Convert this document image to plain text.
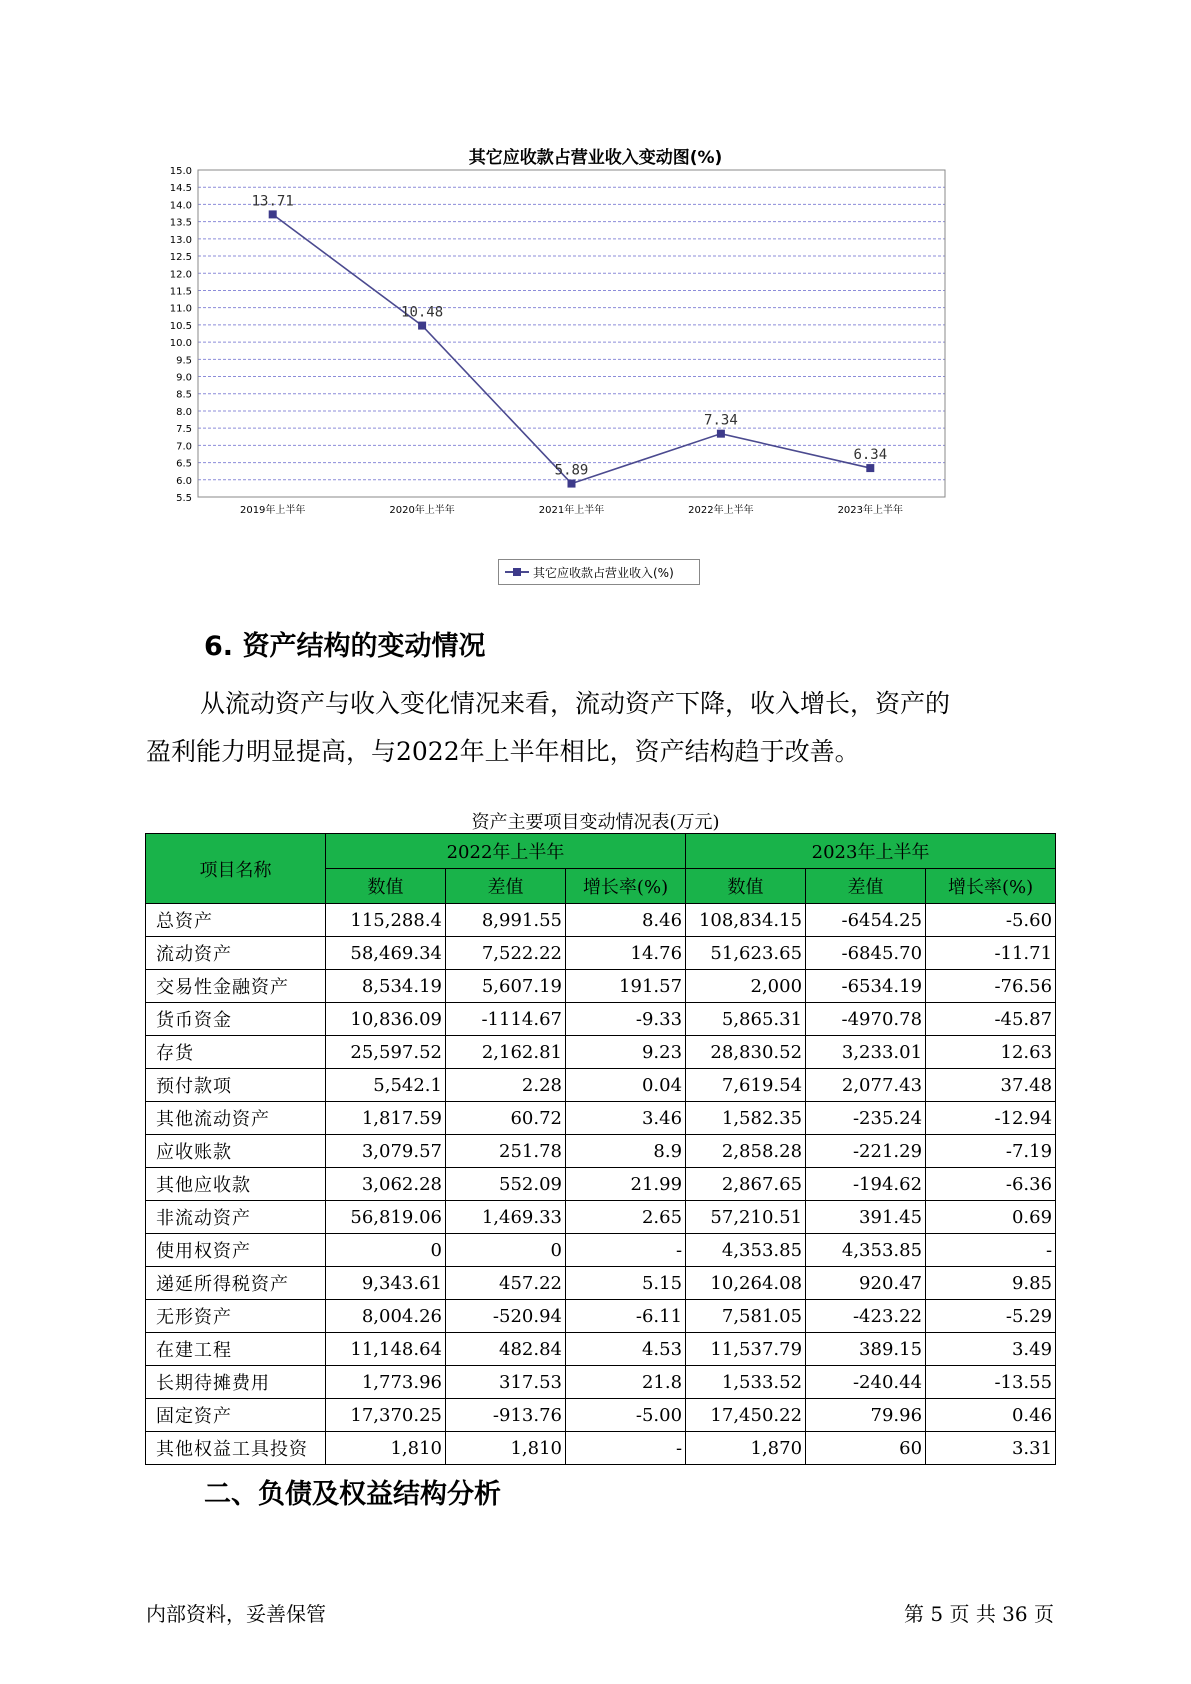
其它应收款占营业收入变动图(%)
5.5
6.0
6.5
7.0
7.5
8.0
8.5
9.0
9.5
10.0
10.5
11.0
11.5
12.0
12.5
13.0
13.5
14.0
14.5
15.0
2019年上半年	2020年上半年	2021年上半年	2022年上半年	2023年上半年
13.71
10.48
5.89
7.34
6.34
其它应收款占营业收入(%)
6. 资产结构的变动情况
从流动资产与收入变化情况来看，流动资产下降，收入增长，资产的
盈利能力明显提高，与2022年上半年相比，资产结构趋于改善。
资产主要项目变动情况表(万元)
项目名称	2022年上半年			2023年上半年		
	数值	差值	增长率(%)	数值	差值	增长率(%)
总资产	115,288.4	8,991.55	8.46	108,834.15	-6454.25	-5.60
流动资产	58,469.34	7,522.22	14.76	51,623.65	-6845.70	-11.71
交易性金融资产	8,534.19	5,607.19	191.57	2,000	-6534.19	-76.56
货币资金	10,836.09	-1114.67	-9.33	5,865.31	-4970.78	-45.87
存货	25,597.52	2,162.81	9.23	28,830.52	3,233.01	12.63
预付款项	5,542.1	2.28	0.04	7,619.54	2,077.43	37.48
其他流动资产	1,817.59	60.72	3.46	1,582.35	-235.24	-12.94
应收账款	3,079.57	251.78	8.9	2,858.28	-221.29	-7.19
其他应收款	3,062.28	552.09	21.99	2,867.65	-194.62	-6.36
非流动资产	56,819.06	1,469.33	2.65	57,210.51	391.45	0.69
使用权资产	0	0	-	4,353.85	4,353.85	-
递延所得税资产	9,343.61	457.22	5.15	10,264.08	920.47	9.85
无形资产	8,004.26	-520.94	-6.11	7,581.05	-423.22	-5.29
在建工程	11,148.64	482.84	4.53	11,537.79	389.15	3.49
长期待摊费用	1,773.96	317.53	21.8	1,533.52	-240.44	-13.55
固定资产	17,370.25	-913.76	-5.00	17,450.22	79.96	0.46
其他权益工具投资	1,810	1,810	-	1,870	60	3.31
二、负债及权益结构分析
内部资料，妥善保管	第 5 页 共 36 页
